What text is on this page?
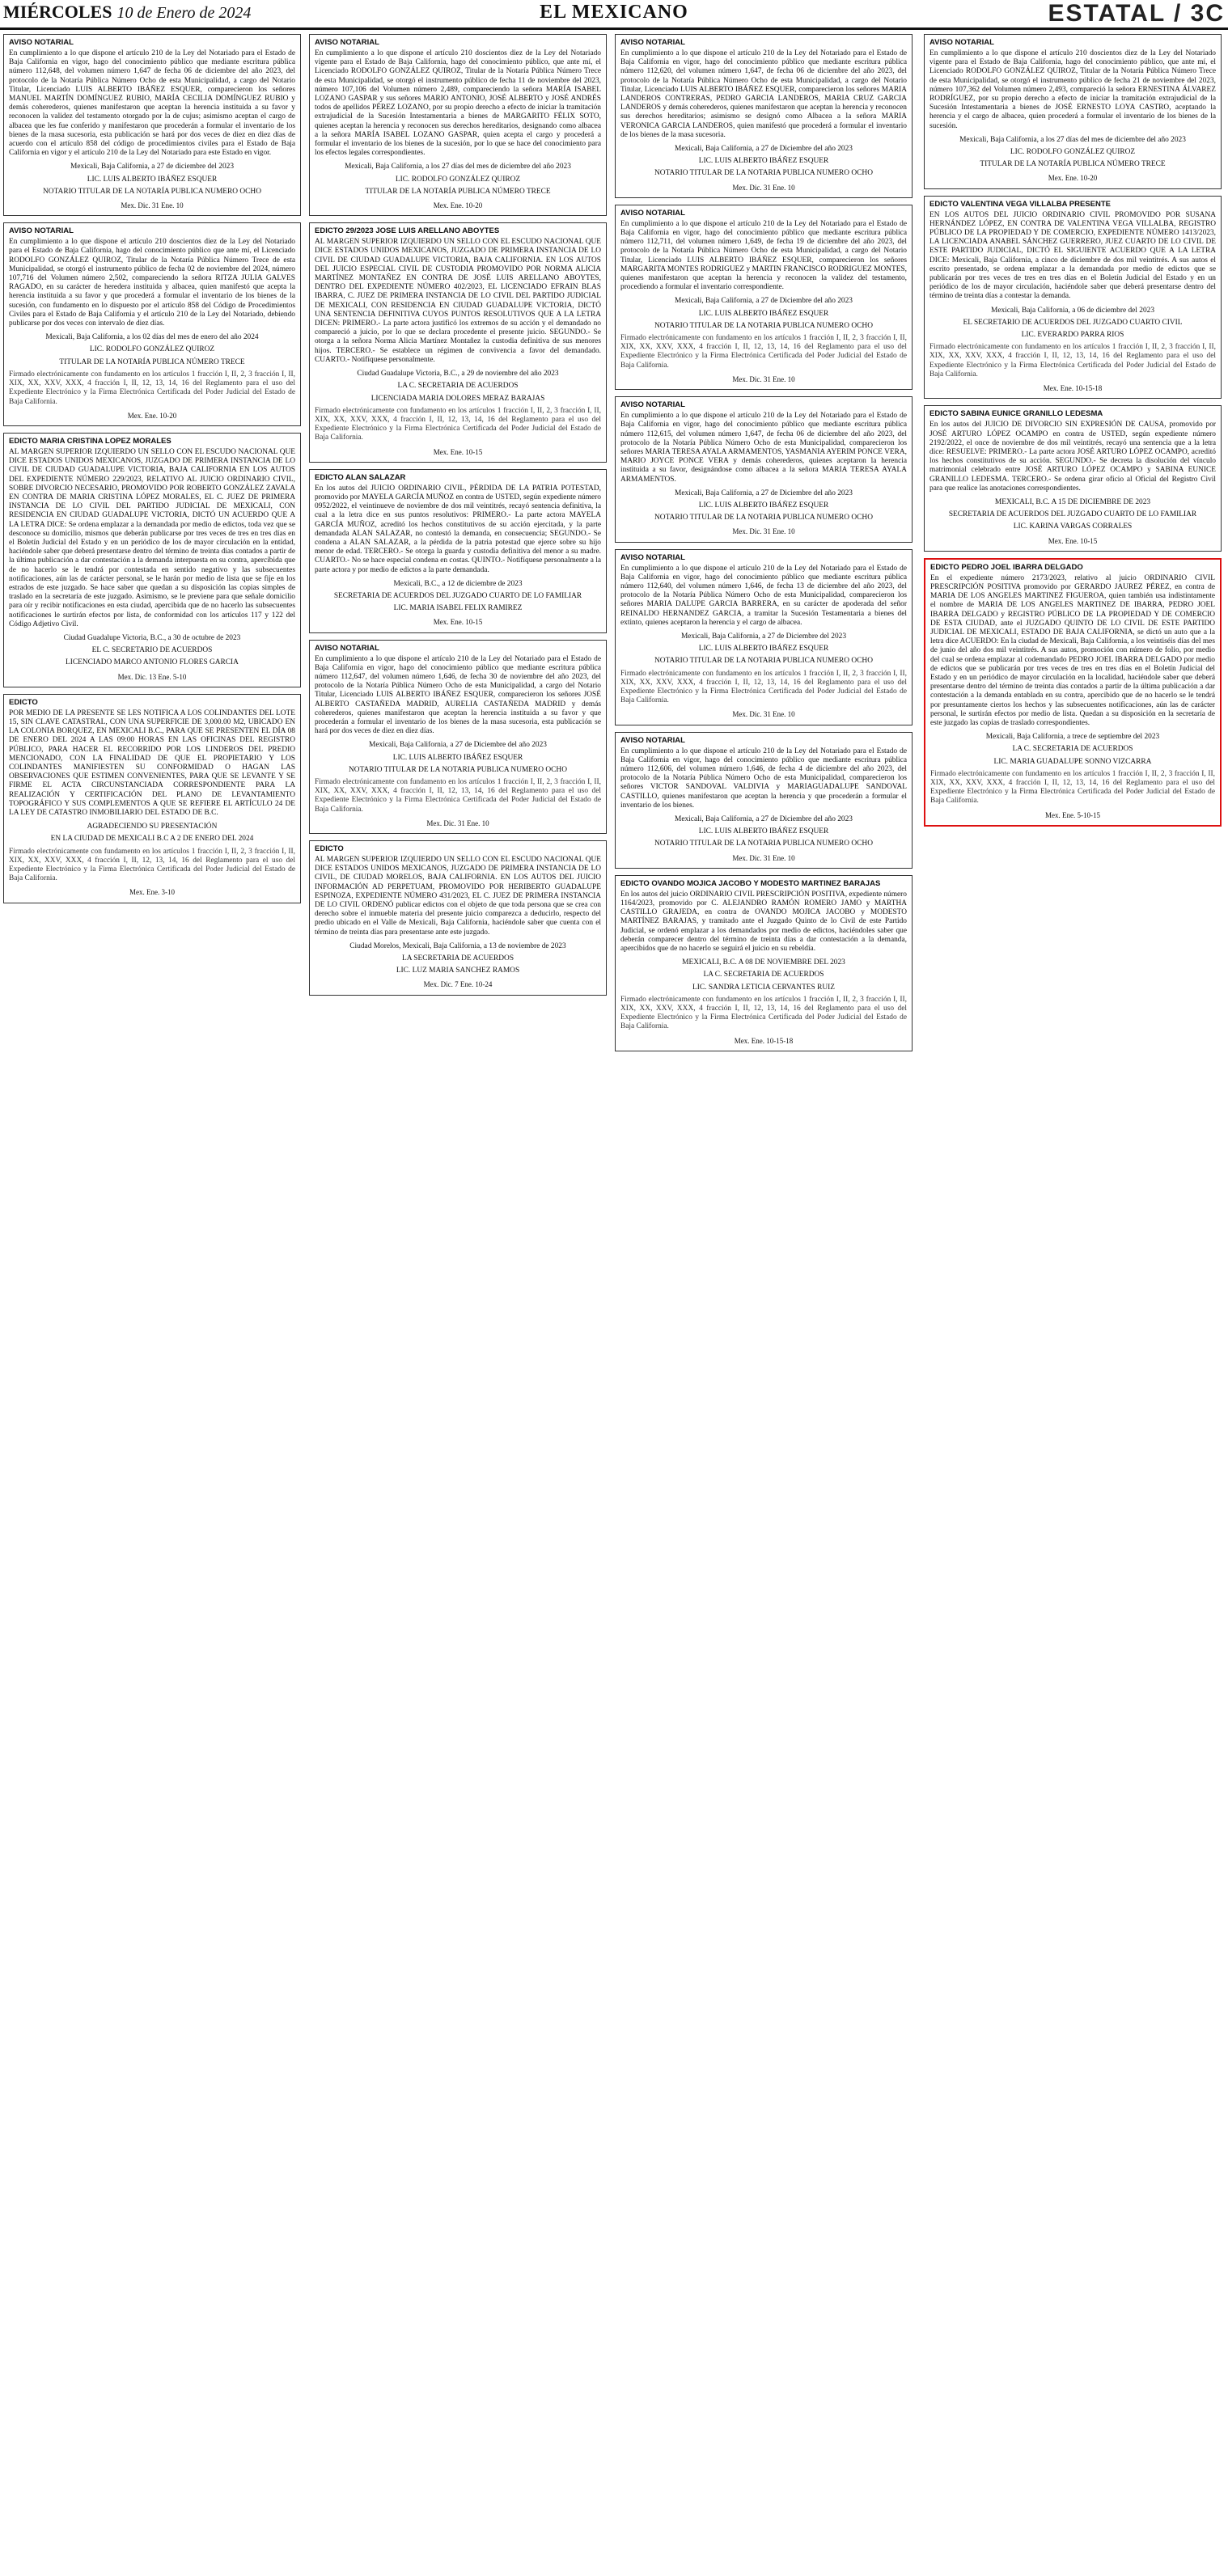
MIÉRCOLES 10 de Enero de 2024	EL MEXICANO	ESTATAL / 3C
AVISO NOTARIAL

En cumplimiento a lo que dispone el artículo 210 de la Ley del Notariado para el Estado de Baja California en vigor, hago del conocimiento público que mediante escritura pública número 112,648, del volumen número 1,647 de fecha 06 de diciembre del año 2023, del protocolo de la Notaría Pública Número Ocho de esta Municipalidad, a cargo del Notario Titular, Licenciado LUIS ALBERTO IBÁÑEZ ESQUER, comparecieron los señores MANUEL MARTÍN DOMÍNGUEZ RUBIO, MARÍA CECILIA DOMÍNGUEZ RUBIO y demás coherederos, quienes manifestaron que aceptan la herencia instituida a su favor y reconocen la validez del testamento otorgado por la de cujus; asimismo aceptan el cargo de albacea que les fue conferido y manifestaron que procederán a formular el inventario de los bienes de la masa sucesoria, esta publicación se hará por dos veces de diez en diez días de acuerdo con el artículo 858 del código de procedimientos civiles para el Estado de Baja California en vigor y el artículo 210 de la Ley del Notariado para este Estado en vigor.

Mexicali, Baja California, a 27 de diciembre del 2023
LIC. LUIS ALBERTO IBÁÑEZ ESQUER
NOTARIO TITULAR DE LA NOTARÍA PUBLICA NUMERO OCHO
Mex. Dic. 31 Ene. 10
AVISO NOTARIAL

En cumplimiento a lo que dispone el artículo 210 doscientos diez de la Ley del Notariado para el Estado de Baja California, hago del conocimiento público que ante mí, el Licenciado RODOLFO GONZÁLEZ QUIROZ, Titular de la Notaría Pública Número Trece de esta Municipalidad, se otorgó el instrumento público de fecha 02 de noviembre del 2024, número 107,716 del Volumen número 2,502, compareciendo la señora RITZA JULIA GALVES RAGADO, en su carácter de heredera instituida y albacea, quien manifestó que acepta la herencia instituida a su favor y que procederá a formular el inventario de los bienes de la sucesión, con fundamento en lo dispuesto por el artículo 858 del Código de Procedimientos Civiles para el Estado de Baja California y el artículo 210 de la Ley del Notariado, debiendo publicarse por dos veces con intervalo de diez días.

Mexicali, Baja California, a los 02 días del mes de enero del año 2024
LIC. RODOLFO GONZÁLEZ QUIROZ
TITULAR DE LA NOTARÍA PUBLICA NÚMERO TRECE

Firmado electrónicamente con fundamento en los artículos 1 fracción I, II, 2, 3 fracción I, II, XIX, XX, XXV, XXX, 4 fracción I, II, 12, 13, 14, 16 del Reglamento para el uso del Expediente Electrónico y la Firma Electrónica Certificada del Poder Judicial del Estado de Baja California.

Mex. Ene. 10-20
EDICTO MARIA CRISTINA LOPEZ MORALES

AL MARGEN SUPERIOR IZQUIERDO UN SELLO CON EL ESCUDO NACIONAL QUE DICE ESTADOS UNIDOS MEXICANOS, JUZGADO DE PRIMERA INSTANCIA DE LO CIVIL DE CIUDAD GUADALUPE VICTORIA, BAJA CALIFORNIA EN LOS AUTOS DEL EXPEDIENTE NÚMERO 229/2023, RELATIVO AL JUICIO ORDINARIO CIVIL, SOBRE DIVORCIO NECESARIO, PROMOVIDO POR ROBERTO GONZÁLEZ ZAVALA EN CONTRA DE MARIA CRISTINA LÓPEZ MORALES, EL C. JUEZ DE PRIMERA INSTANCIA DE LO CIVIL DEL PARTIDO JUDICIAL DE MEXICALI, CON RESIDENCIA EN CIUDAD GUADALUPE VICTORIA, DICTÓ UN ACUERDO QUE A LA LETRA DICE: Se ordena emplazar a la demandada por medio de edictos, toda vez que se desconoce su domicilio, mismos que deberán publicarse por tres veces de tres en tres días en el Boletín Judicial del Estado y en un periódico de los de mayor circulación en la entidad, haciéndole saber que deberá presentarse dentro del término de treinta días contados a partir de la última publicación a dar contestación a la demanda interpuesta en su contra, apercibida que de no hacerlo se le tendrá por contestada en sentido negativo y las subsecuentes notificaciones, aún las de carácter personal, se le harán por medio de lista que se fije en los estrados de este juzgado. Se hace saber que quedan a su disposición las copias simples de traslado en la secretaría de este juzgado. Asimismo, se le previene para que señale domicilio para oír y recibir notificaciones en esta ciudad, apercibida que de no hacerlo las subsecuentes notificaciones le surtirán efectos por lista, de conformidad con los artículos 117 y 122 del Código Adjetivo Civil.

Ciudad Guadalupe Victoria, B.C., a 30 de octubre de 2023
EL C. SECRETARIO DE ACUERDOS
LICENCIADO MARCO ANTONIO FLORES GARCIA
Mex. Dic. 13 Ene. 5-10
EDICTO

POR MEDIO DE LA PRESENTE SE LES NOTIFICA A LOS COLINDANTES DEL LOTE 15, SIN CLAVE CATASTRAL, CON UNA SUPERFICIE DE 3,000.00 M2, UBICADO EN LA COLONIA BORQUEZ, EN MEXICALI B.C., PARA QUE SE PRESENTEN EL DÍA 08 DE ENERO DEL 2024 A LAS 09:00 HORAS EN LAS OFICINAS DEL REGISTRO PÚBLICO, PARA HACER EL RECORRIDO POR LOS LINDEROS DEL PREDIO MENCIONADO, CON LA FINALIDAD DE QUE EL PROPIETARIO Y LOS COLINDANTES MANIFIESTEN SU CONFORMIDAD O HAGAN LAS OBSERVACIONES QUE ESTIMEN CONVENIENTES, PARA QUE SE LEVANTE Y SE FIRME EL ACTA CIRCUNSTANCIADA CORRESPONDIENTE PARA LA REALIZACIÓN Y CERTIFICACIÓN DEL PLANO DE LEVANTAMIENTO TOPOGRÁFICO Y SUS COMPLEMENTOS A QUE SE REFIERE EL ARTÍCULO 24 DE LA LEY DE CATASTRO INMOBILIARIO DEL ESTADO DE B.C.

AGRADECIENDO SU PRESENTACIÓN
EN LA CIUDAD DE MEXICALI B.C A 2 DE ENERO DEL 2024

Firmado electrónicamente con fundamento en los artículos 1 fracción I, II, 2, 3 fracción I, II, XIX, XX, XXV, XXX, 4 fracción I, II, 12, 13, 14, 16 del Reglamento para el uso del Expediente Electrónico y la Firma Electrónica Certificada del Poder Judicial del Estado de Baja California.

Mex. Ene. 3-10
AVISO NOTARIAL

En cumplimiento a lo que dispone el artículo 210 doscientos diez de la Ley del Notariado vigente para el Estado de Baja California, hago del conocimiento público, que ante mí, el Licenciado RODOLFO GONZÁLEZ QUIROZ, Titular de la Notaría Pública Número Trece de esta Municipalidad, se otorgó el instrumento público de fecha 11 de noviembre del 2023, número 107,106 del Volumen número 2,489, compareciendo la señora MARÍA ISABEL LOZANO GASPAR y sus señores MARIO ANTONIO, JOSÉ ALBERTO y JOSÉ ANDRÉS todos de apellidos PÉREZ LOZANO, por su propio derecho a efecto de iniciar la tramitación extrajudicial de la Sucesión Intestamentaria a bienes de MARGARITO FÉLIX SOTO, quienes aceptan la herencia y reconocen sus derechos hereditarios, designando como albacea a la señora MARÍA ISABEL LOZANO GASPAR, quien acepta el cargo y procederá a formular el inventario de los bienes de la sucesión, por lo que se hace del conocimiento para los efectos legales correspondientes.

Mexicali, Baja California, a los 27 días del mes de diciembre del año 2023
LIC. RODOLFO GONZÁLEZ QUIROZ
TITULAR DE LA NOTARÍA PUBLICA NÚMERO TRECE
Mex. Ene. 10-20
EDICTO 29/2023 JOSE LUIS ARELLANO ABOYTES

AL MARGEN SUPERIOR IZQUIERDO UN SELLO CON EL ESCUDO NACIONAL QUE DICE ESTADOS UNIDOS MEXICANOS, JUZGADO DE PRIMERA INSTANCIA DE LO CIVIL DE CIUDAD GUADALUPE VICTORIA, BAJA CALIFORNIA. EN LOS AUTOS DEL JUICIO ESPECIAL CIVIL DE CUSTODIA PROMOVIDO POR NORMA ALICIA MARTÍNEZ MONTAÑEZ EN CONTRA DE JOSÉ LUIS ARELLANO ABOYTES, DENTRO DEL EXPEDIENTE NÚMERO 402/2023, EL LICENCIADO EFRAIN BLAS IBARRA, C. JUEZ DE PRIMERA INSTANCIA DE LO CIVIL DEL PARTIDO JUDICIAL DE MEXICALI, CON RESIDENCIA EN CIUDAD GUADALUPE VICTORIA, DICTÓ UNA SENTENCIA DEFINITIVA CUYOS PUNTOS RESOLUTIVOS QUE A LA LETRA DICEN: PRIMERO.- La parte actora justificó los extremos de su acción y el demandado no compareció a juicio, por lo que se declara procedente el presente juicio. SEGUNDO.- Se otorga a la señora Norma Alicia Martínez Montañez la custodia definitiva de sus menores hijos. TERCERO.- Se establece un régimen de convivencia a favor del demandado. CUARTO.- Notifíquese personalmente.

Ciudad Guadalupe Victoria, B.C., a 29 de noviembre del año 2023
LA C. SECRETARIA DE ACUERDOS
LICENCIADA MARIA DOLORES MERAZ BARAJAS

Firmado electrónicamente con fundamento en los artículos 1 fracción I, II, 2, 3 fracción I, II, XIX, XX, XXV, XXX, 4 fracción I, II, 12, 13, 14, 16 del Reglamento para el uso del Expediente Electrónico y la Firma Electrónica Certificada del Poder Judicial del Estado de Baja California.

Mex. Ene. 10-15
EDICTO ALAN SALAZAR

En los autos del JUICIO ORDINARIO CIVIL, PÉRDIDA DE LA PATRIA POTESTAD, promovido por MAYELA GARCÍA MUÑOZ en contra de USTED, según expediente número 0952/2022, el veintinueve de noviembre de dos mil veintitrés, recayó sentencia definitiva, la cual a la letra dice en sus puntos resolutivos: PRIMERO.- La parte actora MAYELA GARCÍA MUÑOZ, acreditó los hechos constitutivos de su acción ejercitada, y la parte demandada ALAN SALAZAR, no contestó la demanda, en consecuencia; SEGUNDO.- Se condena a ALAN SALAZAR, a la pérdida de la patria potestad que ejerce sobre su hijo menor de edad. TERCERO.- Se otorga la guarda y custodia definitiva del menor a su madre. CUARTO.- No se hace especial condena en costas. QUINTO.- Notifíquese personalmente a la parte actora y por medio de edictos a la parte demandada.

Mexicali, B.C., a 12 de diciembre de 2023
SECRETARIA DE ACUERDOS DEL JUZGADO CUARTO DE LO FAMILIAR
LIC. MARIA ISABEL FELIX RAMIREZ
Mex. Ene. 10-15
AVISO NOTARIAL

En cumplimiento a lo que dispone el artículo 210 de la Ley del Notariado para el Estado de Baja California en vigor, hago del conocimiento público que mediante escritura pública número 112,647, del volumen número 1,646, de fecha 30 de noviembre del año 2023, del protocolo de la Notaría Pública Número Ocho de esta Municipalidad, a cargo del Notario Titular, Licenciado LUIS ALBERTO IBÁÑEZ ESQUER, comparecieron los señores JOSÉ ALBERTO CASTAÑEDA MADRID, AURELIA CASTAÑEDA MADRID y demás coherederos, quienes manifestaron que aceptan la herencia instituida a su favor y que procederán a formular el inventario de los bienes de la masa sucesoria, esta publicación se hará por dos veces de diez en diez días.

Mexicali, Baja California, a 27 de Diciembre del año 2023
LIC. LUIS ALBERTO IBÁÑEZ ESQUER
NOTARIO TITULAR DE LA NOTARIA PUBLICA NUMERO OCHO

Firmado electrónicamente con fundamento en los artículos 1 fracción I, II, 2, 3 fracción I, II, XIX, XX, XXV, XXX, 4 fracción I, II, 12, 13, 14, 16 del Reglamento para el uso del Expediente Electrónico y la Firma Electrónica Certificada del Poder Judicial del Estado de Baja California.

Mex. Dic. 31 Ene. 10
EDICTO

AL MARGEN SUPERIOR IZQUIERDO UN SELLO CON EL ESCUDO NACIONAL QUE DICE ESTADOS UNIDOS MEXICANOS, JUZGADO DE PRIMERA INSTANCIA DE LO CIVIL, DE CIUDAD MORELOS, BAJA CALIFORNIA. EN LOS AUTOS DEL JUICIO INFORMACIÓN AD PERPETUAM, PROMOVIDO POR HERIBERTO GUADALUPE ESPINOZA, EXPEDIENTE NÚMERO 431/2023, EL C. JUEZ DE PRIMERA INSTANCIA DE LO CIVIL ORDENÓ publicar edictos con el objeto de que toda persona que se crea con derecho sobre el inmueble materia del presente juicio comparezca a deducirlo, respecto del predio ubicado en el Valle de Mexicali, Baja California, haciéndole saber que cuenta con el término de treinta días para presentarse ante este juzgado.

Ciudad Morelos, Mexicali, Baja California, a 13 de noviembre de 2023
LA SECRETARIA DE ACUERDOS
LIC. LUZ MARIA SANCHEZ RAMOS
Mex. Dic. 7 Ene. 10-24
AVISO NOTARIAL

En cumplimiento a lo que dispone el artículo 210 de la Ley del Notariado para el Estado de Baja California en vigor, hago del conocimiento público que mediante escritura pública número 112,620, del volumen número 1,647, de fecha 06 de diciembre del año 2023, del protocolo de la Notaría Pública Número Ocho de esta Municipalidad, a cargo del Notario Titular, Licenciado LUIS ALBERTO IBÁÑEZ ESQUER, comparecieron los señores MARIA LANDEROS CONTRERAS, PEDRO GARCIA LANDEROS, MARIA CRUZ GARCIA LANDEROS y demás coherederos, quienes manifestaron que aceptan la herencia y reconocen sus derechos hereditarios; asimismo se designó como Albacea a la señora MARIA VERONICA GARCIA LANDEROS, quien manifestó que procederá a formular el inventario de los bienes de la masa sucesoria.

Mexicali, Baja California, a 27 de Diciembre del año 2023
LIC. LUIS ALBERTO IBÁÑEZ ESQUER
NOTARIO TITULAR DE LA NOTARIA PUBLICA NUMERO OCHO
Mex. Dic. 31 Ene. 10
AVISO NOTARIAL

En cumplimiento a lo que dispone el artículo 210 de la Ley del Notariado para el Estado de Baja California en vigor, hago del conocimiento público que mediante escritura pública número 112,711, del volumen número 1,649, de fecha 19 de diciembre del año 2023, del protocolo de la Notaría Pública Número Ocho de esta Municipalidad, a cargo del Notario Titular, Licenciado LUIS ALBERTO IBÁÑEZ ESQUER, comparecieron los señores MARGARITA MONTES RODRIGUEZ y MARTIN FRANCISCO RODRIGUEZ MONTES, quienes manifestaron que aceptan la herencia y reconocen la validez del testamento, procediendo a formular el inventario correspondiente.

Mexicali, Baja California, a 27 de Diciembre del año 2023
LIC. LUIS ALBERTO IBÁÑEZ ESQUER
NOTARIO TITULAR DE LA NOTARIA PUBLICA NUMERO OCHO

Firmado electrónicamente con fundamento en los artículos 1 fracción I, II, 2, 3 fracción I, II, XIX, XX, XXV, XXX, 4 fracción I, II, 12, 13, 14, 16 del Reglamento para el uso del Expediente Electrónico y la Firma Electrónica Certificada del Poder Judicial del Estado de Baja California.

Mex. Dic. 31 Ene. 10
AVISO NOTARIAL

En cumplimiento a lo que dispone el artículo 210 de la Ley del Notariado para el Estado de Baja California en vigor, hago del conocimiento público que mediante escritura pública número 112,615, del volumen número 1,647, de fecha 06 de diciembre del año 2023, del protocolo de la Notaría Pública Número Ocho de esta Municipalidad, comparecieron los señores MARIA TERESA AYALA ARMAMENTOS, YASMANIA AYERIM PONCE VERA, MARIO JOYCE PONCE VERA y demás coherederos, quienes aceptaron la herencia instituida a su favor, designándose como albacea a la señora MARIA TERESA AYALA ARMAMENTOS.

Mexicali, Baja California, a 27 de Diciembre del año 2023
LIC. LUIS ALBERTO IBÁÑEZ ESQUER
NOTARIO TITULAR DE LA NOTARIA PUBLICA NUMERO OCHO
Mex. Dic. 31 Ene. 10
AVISO NOTARIAL

En cumplimiento a lo que dispone el artículo 210 de la Ley del Notariado para el Estado de Baja California en vigor, hago del conocimiento público que mediante escritura pública número 112,640, del volumen número 1,646, de fecha 13 de diciembre del año 2023, del protocolo de la Notaría Pública Número Ocho de esta Municipalidad, comparecieron los señores MARIA DALUPE GARCIA BARRERA, en su carácter de apoderada del señor REINALDO HERNANDEZ GARCIA, a tramitar la Sucesión Testamentaria a bienes del extinto, quienes aceptaron la herencia y el cargo de albacea.

Mexicali, Baja California, a 27 de Diciembre del 2023
LIC. LUIS ALBERTO IBÁÑEZ ESQUER
NOTARIO TITULAR DE LA NOTARIA PUBLICA NUMERO OCHO

Firmado electrónicamente con fundamento en los artículos 1 fracción I, II, 2, 3 fracción I, II, XIX, XX, XXV, XXX, 4 fracción I, II, 12, 13, 14, 16 del Reglamento para el uso del Expediente Electrónico y la Firma Electrónica Certificada del Poder Judicial del Estado de Baja California.

Mex. Dic. 31 Ene. 10
AVISO NOTARIAL

En cumplimiento a lo que dispone el artículo 210 de la Ley del Notariado para el Estado de Baja California en vigor, hago del conocimiento público que mediante escritura pública número 112,606, del volumen número 1,646, de fecha 4 de diciembre del año 2023, del protocolo de la Notaría Pública Número Ocho de esta Municipalidad, comparecieron los señores VICTOR SANDOVAL VALDIVIA y MARIAGUADALUPE SANDOVAL CASTILLO, quienes manifestaron que aceptan la herencia y que procederán a formular el inventario de los bienes.

Mexicali, Baja California, a 27 de Diciembre del año 2023
LIC. LUIS ALBERTO IBÁÑEZ ESQUER
NOTARIO TITULAR DE LA NOTARIA PUBLICA NUMERO OCHO
Mex. Dic. 31 Ene. 10
EDICTO OVANDO MOJICA JACOBO Y MODESTO MARTINEZ BARAJAS

En los autos del juicio ORDINARIO CIVIL PRESCRIPCIÓN POSITIVA, expediente número 1164/2023, promovido por C. ALEJANDRO RAMÓN ROMERO JAMO y MARTHA CASTILLO GRAJEDA, en contra de OVANDO MOJICA JACOBO y MODESTO MARTÍNEZ BARAJAS, y tramitado ante el Juzgado Quinto de lo Civil de este Partido Judicial, se ordenó emplazar a los demandados por medio de edictos, haciéndoles saber que deberán comparecer dentro del término de treinta días a dar contestación a la demanda, apercibidos que de no hacerlo se seguirá el juicio en su rebeldía.

MEXICALI, B.C. A 08 DE NOVIEMBRE DEL 2023
LA C. SECRETARIA DE ACUERDOS
LIC. SANDRA LETICIA CERVANTES RUIZ

Firmado electrónicamente con fundamento en los artículos 1 fracción I, II, 2, 3 fracción I, II, XIX, XX, XXV, XXX, 4 fracción I, II, 12, 13, 14, 16 del Reglamento para el uso del Expediente Electrónico y la Firma Electrónica Certificada del Poder Judicial del Estado de Baja California.

Mex. Ene. 10-15-18
AVISO NOTARIAL

En cumplimiento a lo que dispone el artículo 210 doscientos diez de la Ley del Notariado vigente para el Estado de Baja California, hago del conocimiento público, que ante mí, el Licenciado RODOLFO GONZÁLEZ QUIROZ, Titular de la Notaría Pública Número Trece de esta Municipalidad, se otorgó el instrumento público de fecha 21 de noviembre del 2023, número 107,362 del Volumen número 2,493, compareció la señora ERNESTINA ÁLVAREZ RODRÍGUEZ, por su propio derecho a efecto de iniciar la tramitación extrajudicial de la Sucesión Intestamentaria a bienes de JOSÉ ERNESTO LOYA CASTRO, aceptando la herencia y el cargo de albacea, quien procederá a formular el inventario de los bienes de la sucesión.

Mexicali, Baja California, a los 27 días del mes de diciembre del año 2023
LIC. RODOLFO GONZÁLEZ QUIROZ
TITULAR DE LA NOTARÍA PUBLICA NÚMERO TRECE
Mex. Ene. 10-20
EDICTO VALENTINA VEGA VILLALBA PRESENTE

EN LOS AUTOS DEL JUICIO ORDINARIO CIVIL PROMOVIDO POR SUSANA HERNÁNDEZ LÓPEZ, EN CONTRA DE VALENTINA VEGA VILLALBA, REGISTRO PÚBLICO DE LA PROPIEDAD Y DE COMERCIO, EXPEDIENTE NÚMERO 1413/2023, LA LICENCIADA ANABEL SÁNCHEZ GUERRERO, JUEZ CUARTO DE LO CIVIL DE ESTE PARTIDO JUDICIAL, DICTÓ EL SIGUIENTE ACUERDO QUE A LA LETRA DICE: Mexicali, Baja California, a cinco de diciembre de dos mil veintitrés. A sus autos el escrito presentado, se ordena emplazar a la demandada por medio de edictos que se publicarán por tres veces de tres en tres días en el Boletín Judicial del Estado y en un periódico de los de mayor circulación, haciéndole saber que deberá presentarse dentro del término de treinta días a contestar la demanda.

Mexicali, Baja California, a 06 de diciembre del 2023
EL SECRETARIO DE ACUERDOS DEL JUZGADO CUARTO CIVIL
LIC. EVERARDO PARRA RIOS

Firmado electrónicamente con fundamento en los artículos 1 fracción I, II, 2, 3 fracción I, II, XIX, XX, XXV, XXX, 4 fracción I, II, 12, 13, 14, 16 del Reglamento para el uso del Expediente Electrónico y la Firma Electrónica Certificada del Poder Judicial del Estado de Baja California.

Mex. Ene. 10-15-18
EDICTO SABINA EUNICE GRANILLO LEDESMA

En los autos del JUICIO DE DIVORCIO SIN EXPRESIÓN DE CAUSA, promovido por JOSÉ ARTURO LÓPEZ OCAMPO en contra de USTED, según expediente número 2192/2022, el once de noviembre de dos mil veintitrés, recayó una sentencia que a la letra dice: RESUELVE: PRIMERO.- La parte actora JOSÉ ARTURO LÓPEZ OCAMPO, acreditó los hechos constitutivos de su acción. SEGUNDO.- Se decreta la disolución del vínculo matrimonial celebrado entre JOSÉ ARTURO LÓPEZ OCAMPO y SABINA EUNICE GRANILLO LEDESMA. TERCERO.- Se ordena girar oficio al Oficial del Registro Civil para que realice las anotaciones correspondientes.

MEXICALI, B.C. A 15 DE DICIEMBRE DE 2023
SECRETARIA DE ACUERDOS DEL JUZGADO CUARTO DE LO FAMILIAR
LIC. KARINA VARGAS CORRALES
Mex. Ene. 10-15
EDICTO PEDRO JOEL IBARRA DELGADO

En el expediente número 2173/2023, relativo al juicio ORDINARIO CIVIL PRESCRIPCIÓN POSITIVA promovido por GERARDO JAUREZ PÉREZ, en contra de MARIA DE LOS ANGELES MARTINEZ FIGUEROA, quien también usa indistintamente el nombre de MARIA DE LOS ANGELES MARTINEZ DE IBARRA, PEDRO JOEL IBARRA DELGADO y REGISTRO PÚBLICO DE LA PROPIEDAD Y DE COMERCIO DE ESTA CIUDAD, ante el JUZGADO QUINTO DE LO CIVIL DE ESTE PARTIDO JUDICIAL DE MEXICALI, ESTADO DE BAJA CALIFORNIA, se dictó un auto que a la letra dice ACUERDO: En la ciudad de Mexicali, Baja California, a los veintiséis días del mes de junio del año dos mil veintitrés. A sus autos, promoción con número de folio, por medio del cual se ordena emplazar al codemandado PEDRO JOEL IBARRA DELGADO por medio de edictos que se publicarán por tres veces de tres en tres días en el Boletín Judicial del Estado y en un periódico de mayor circulación en la localidad, haciéndole saber que deberá presentarse dentro del término de treinta días contados a partir de la última publicación a dar contestación a la demanda entablada en su contra, apercibido que de no hacerlo se le tendrá por presuntamente ciertos los hechos y las subsecuentes notificaciones, aún las de carácter personal, le surtirán efectos por medio de lista. Quedan a su disposición en la secretaría de este juzgado las copias de traslado correspondientes.

Mexicali, Baja California, a trece de septiembre del 2023
LA C. SECRETARIA DE ACUERDOS
LIC. MARIA GUADALUPE SONNO VIZCARRA

Firmado electrónicamente con fundamento en los artículos 1 fracción I, II, 2, 3 fracción I, II, XIX, XX, XXV, XXX, 4 fracción I, II, 12, 13, 14, 16 del Reglamento para el uso del Expediente Electrónico y la Firma Electrónica Certificada del Poder Judicial del Estado de Baja California.

Mex. Ene. 5-10-15
